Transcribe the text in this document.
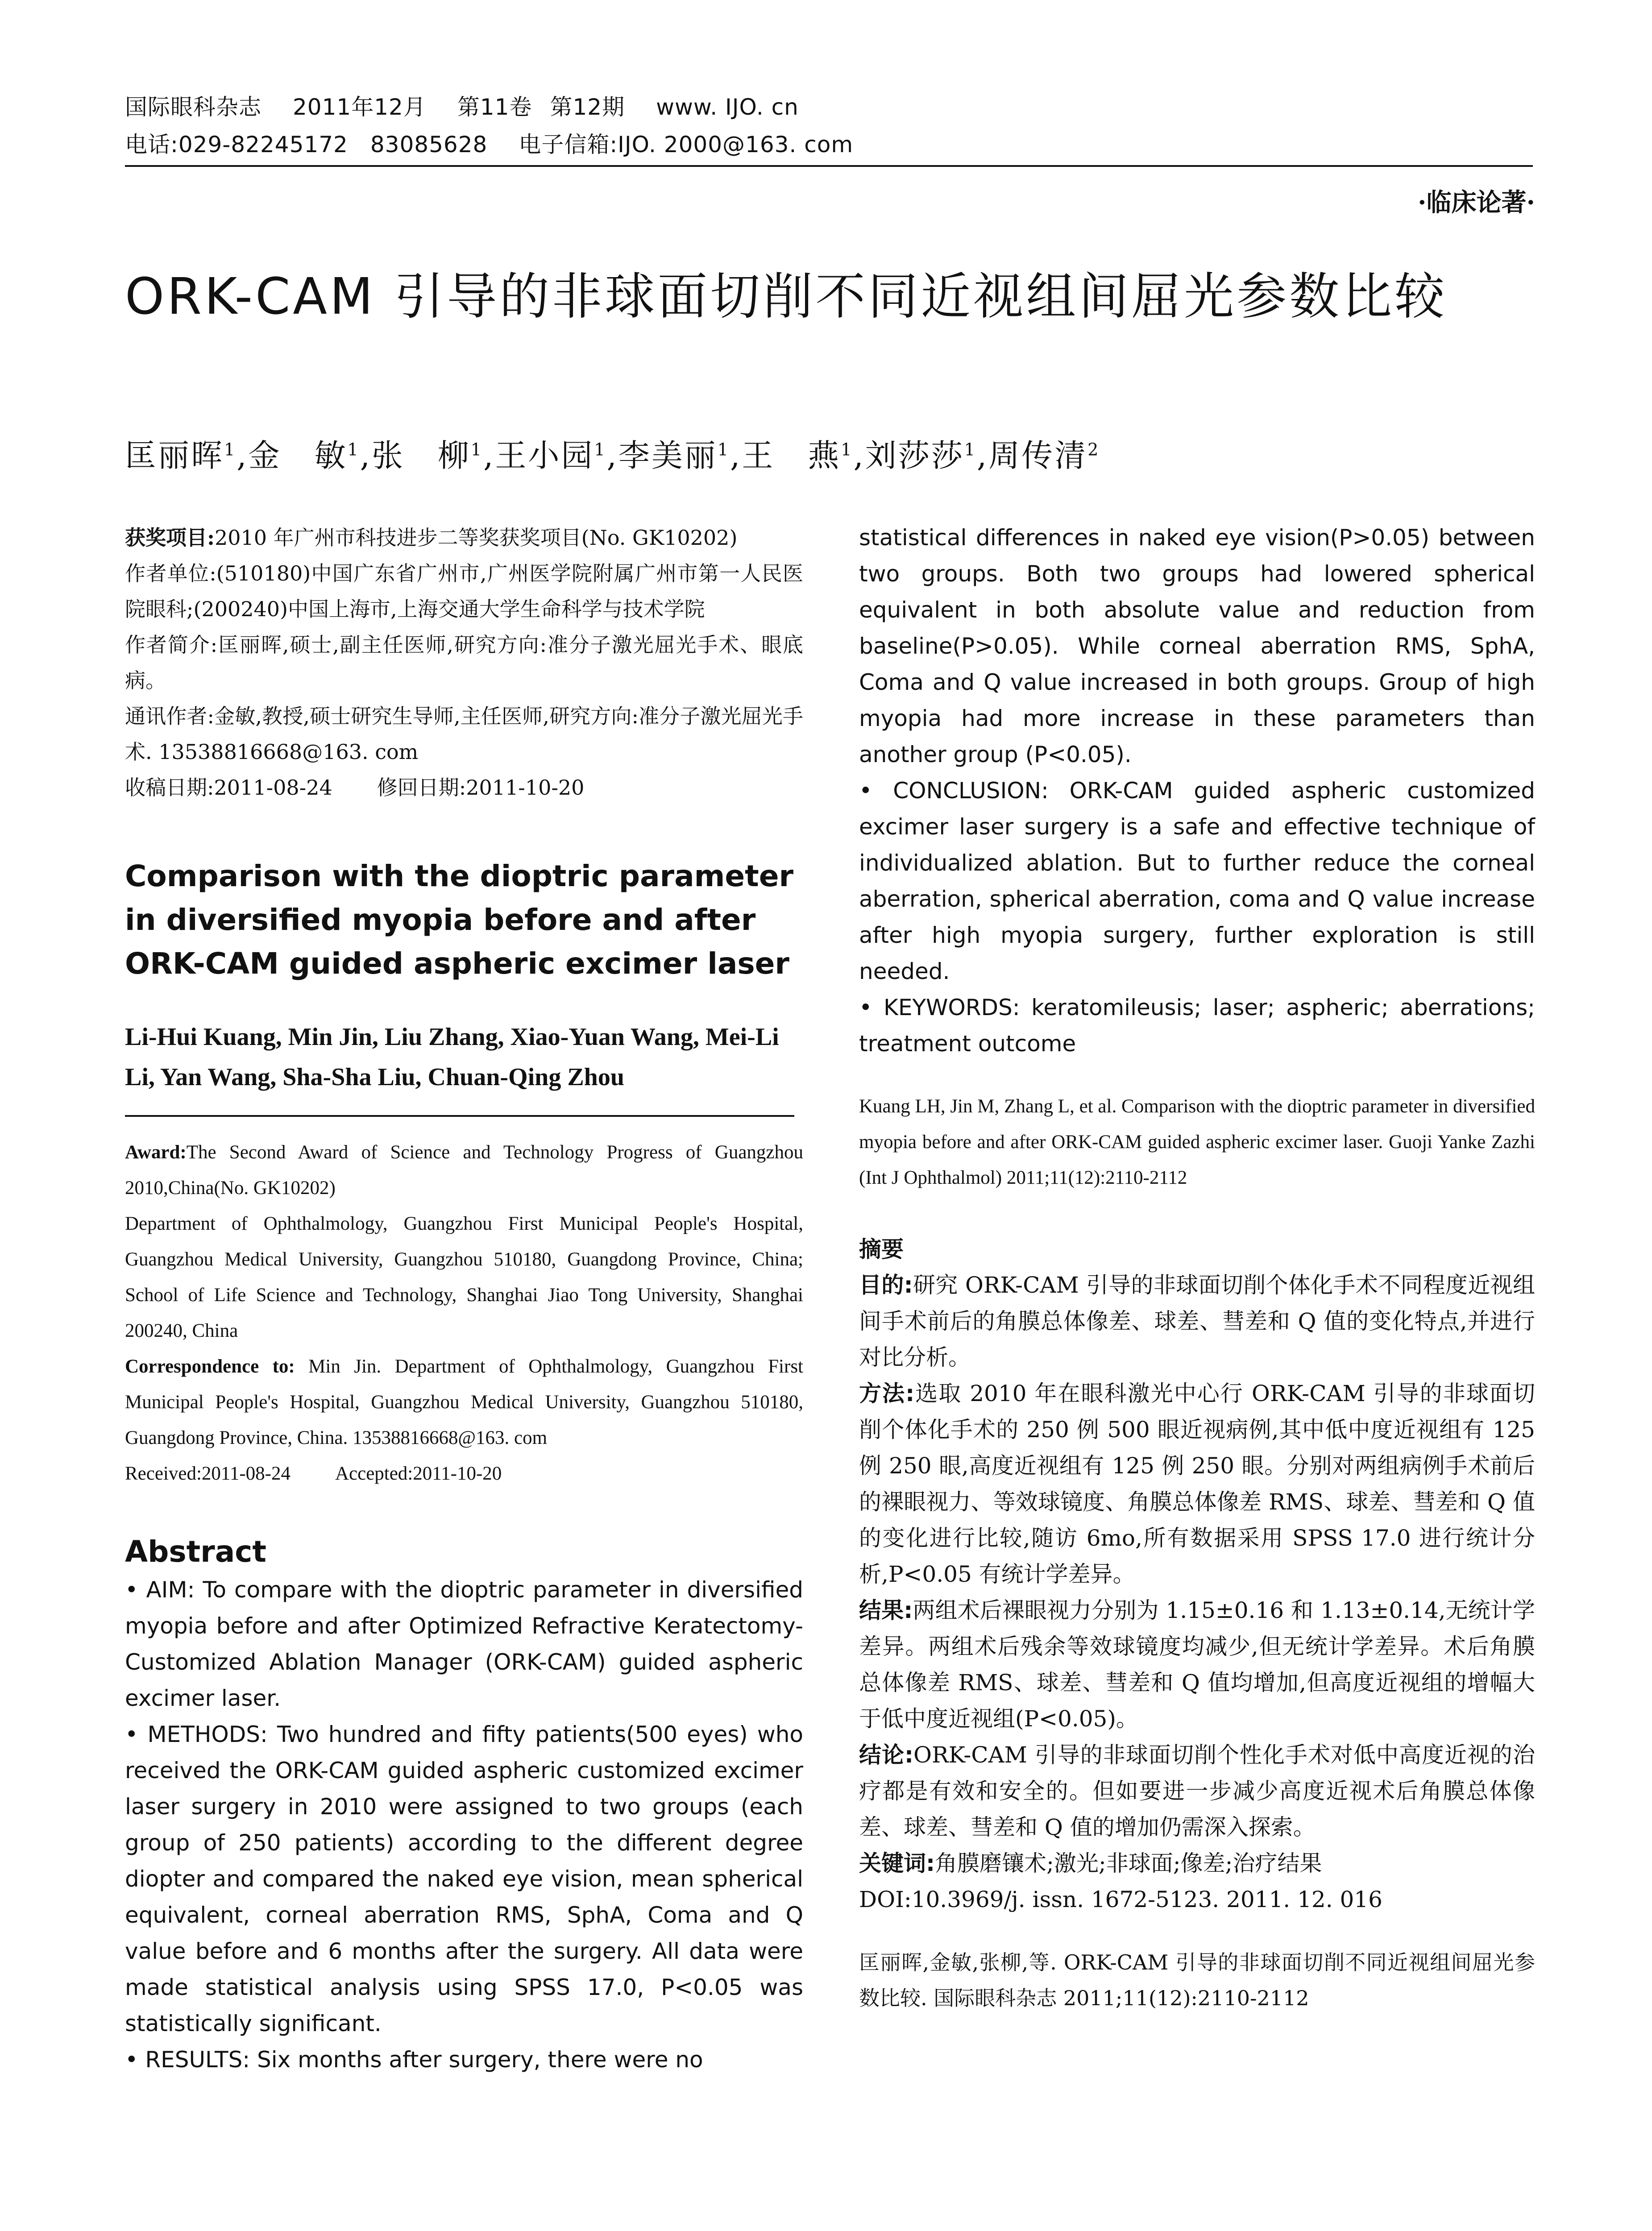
国际眼科杂志 2011年12月 第11卷 第12期 www. IJO. cn
电话:029-82245172 83085628 电子信箱:IJO. 2000@163. com
·临床论著·
ORK-CAM 引导的非球面切削不同近视组间屈光参数比较
匡丽晖$^1$,金　敏$^1$,张　柳$^1$,王小园$^1$,李美丽$^1$,王　燕$^1$,刘莎莎$^1$,周传清$^2$

获奖项目:2010 年广州市科技进步二等奖获奖项目(No. GK10202)

作者单位:(510180)中国广东省广州市,广州医学院附属广州市第一人民医院眼科;(200240)中国上海市,上海交通大学生命科学与技术学院

作者简介:匡丽晖,硕士,副主任医师,研究方向:准分子激光屈光手术、眼底病。

通讯作者:金敏,教授,硕士研究生导师,主任医师,研究方向:准分子激光屈光手术. 13538816668@163. com

收稿日期:2011-08-24 修回日期:2011-10-20

Comparison with the dioptric parameter in diversified myopia before and after ORK-CAM guided aspheric excimer laser

Li-Hui Kuang, Min Jin, Liu Zhang, Xiao-Yuan Wang, Mei-Li Li, Yan Wang, Sha-Sha Liu, Chuan-Qing Zhou

Award:The Second Award of Science and Technology Progress of Guangzhou 2010,China(No. GK10202)

Department of Ophthalmology, Guangzhou First Municipal People's Hospital, Guangzhou Medical University, Guangzhou 510180, Guangdong Province, China; School of Life Science and Technology, Shanghai Jiao Tong University, Shanghai 200240, China

Correspondence to: Min Jin. Department of Ophthalmology, Guangzhou First Municipal People's Hospital, Guangzhou Medical University, Guangzhou 510180, Guangdong Province, China. 13538816668@163. com

Received:2011-08-24 Accepted:2011-10-20

Abstract

• AIM: To compare with the dioptric parameter in diversified myopia before and after Optimized Refractive Keratectomy-Customized Ablation Manager (ORK-CAM) guided aspheric excimer laser.

• METHODS: Two hundred and fifty patients(500 eyes) who received the ORK-CAM guided aspheric customized excimer laser surgery in 2010 were assigned to two groups (each group of 250 patients) according to the different degree diopter and compared the naked eye vision, mean spherical equivalent, corneal aberration RMS, SphA, Coma and Q value before and 6 months after the surgery. All data were made statistical analysis using SPSS 17.0, P<0.05 was statistically significant.

• RESULTS: Six months after surgery, there were no

statistical differences in naked eye vision(P>0.05) between two groups. Both two groups had lowered spherical equivalent in both absolute value and reduction from baseline(P>0.05). While corneal aberration RMS, SphA, Coma and Q value increased in both groups. Group of high myopia had more increase in these parameters than another group (P<0.05).

• CONCLUSION: ORK-CAM guided aspheric customized excimer laser surgery is a safe and effective technique of individualized ablation. But to further reduce the corneal aberration, spherical aberration, coma and Q value increase after high myopia surgery, further exploration is still needed.

• KEYWORDS: keratomileusis; laser; aspheric; aberrations; treatment outcome

Kuang LH, Jin M, Zhang L, et al. Comparison with the dioptric parameter in diversified myopia before and after ORK-CAM guided aspheric excimer laser. Guoji Yanke Zazhi (Int J Ophthalmol) 2011;11(12):2110-2112

摘要

目的:研究 ORK-CAM 引导的非球面切削个体化手术不同程度近视组间手术前后的角膜总体像差、球差、彗差和 Q 值的变化特点,并进行对比分析。

方法:选取 2010 年在眼科激光中心行 ORK-CAM 引导的非球面切削个体化手术的 250 例 500 眼近视病例,其中低中度近视组有 125 例 250 眼,高度近视组有 125 例 250 眼。分别对两组病例手术前后的裸眼视力、等效球镜度、角膜总体像差 RMS、球差、彗差和 Q 值的变化进行比较,随访 6mo,所有数据采用 SPSS 17.0 进行统计分析,P<0.05 有统计学差异。

结果:两组术后裸眼视力分别为 1.15±0.16 和 1.13±0.14,无统计学差异。两组术后残余等效球镜度均减少,但无统计学差异。术后角膜总体像差 RMS、球差、彗差和 Q 值均增加,但高度近视组的增幅大于低中度近视组(P<0.05)。

结论:ORK-CAM 引导的非球面切削个性化手术对低中高度近视的治疗都是有效和安全的。但如要进一步减少高度近视术后角膜总体像差、球差、彗差和 Q 值的增加仍需深入探索。

关键词:角膜磨镶术;激光;非球面;像差;治疗结果

DOI:10.3969/j. issn. 1672-5123. 2011. 12. 016

匡丽晖,金敏,张柳,等. ORK-CAM 引导的非球面切削不同近视组间屈光参数比较. 国际眼科杂志 2011;11(12):2110-2112
